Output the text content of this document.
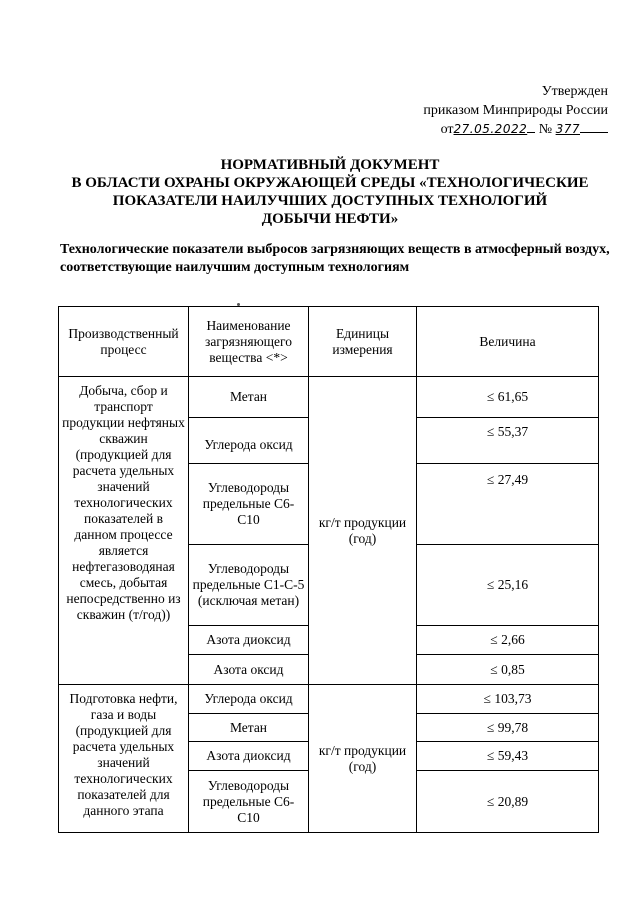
Утвержден
приказом Минприроды России
от27.05.2022 № 377
НОРМАТИВНЫЙ ДОКУМЕНТ
В ОБЛАСТИ ОХРАНЫ ОКРУЖАЮЩЕЙ СРЕДЫ «ТЕХНОЛОГИЧЕСКИЕ
ПОКАЗАТЕЛИ НАИЛУЧШИХ ДОСТУПНЫХ ТЕХНОЛОГИЙ
ДОБЫЧИ НЕФТИ»
Технологические показатели выбросов загрязняющих веществ в атмосферный воздух, соответствующие наилучшим доступным технологиям
Производственный процесс	Наименование загрязняющего вещества <*>	Единицы измерения	Величина
Добыча, сбор и транспорт продукции нефтяных скважин (продукцией для расчета удельных значений технологических показателей в данном процессе является нефтегазоводяная смесь, добытая непосредственно из скважин (т/год))	Метан	кг/т продукции (год)	≤ 61,65
	Углерода оксид		≤ 55,37
	Углеводороды предельные С6-С10		≤ 27,49
	Углеводороды предельные С1-С-5 (исключая метан)		≤ 25,16
	Азота диоксид		≤ 2,66
	Азота оксид		≤ 0,85
Подготовка нефти, газа и воды (продукцией для расчета удельных значений технологических показателей для данного этапа	Углерода оксид	кг/т продукции (год)	≤ 103,73
	Метан		≤ 99,78
	Азота диоксид		≤ 59,43
	Углеводороды предельные С6-С10		≤ 20,89
